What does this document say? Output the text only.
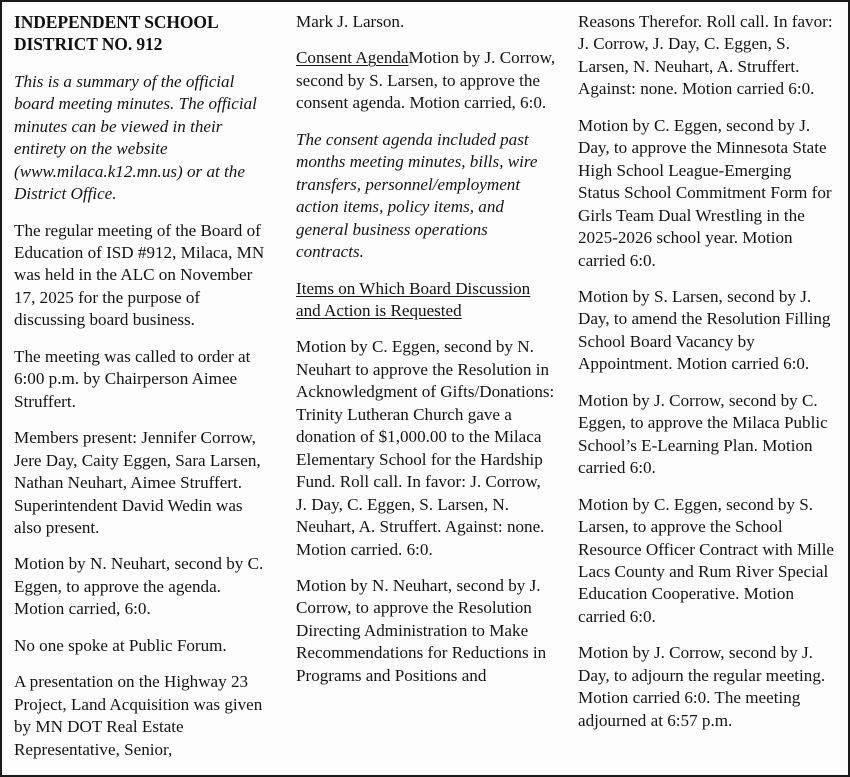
INDEPENDENT SCHOOL DISTRICT NO. 912

This is a summary of the official board meeting minutes. The official minutes can be viewed in their entirety on the website (www.milaca.k12.mn.us) or at the District Office.

The regular meeting of the Board of Education of ISD #912, Milaca, MN was held in the ALC on November 17, 2025 for the purpose of discussing board business.

The meeting was called to order at 6:00 p.m. by Chairperson Aimee Struffert.

Members present: Jennifer Corrow, Jere Day, Caity Eggen, Sara Larsen, Nathan Neuhart, Aimee Struffert. Superintendent David Wedin was also present.

Motion by N. Neuhart, second by C. Eggen, to approve the agenda. Motion carried, 6:0.

No one spoke at Public Forum.

A presentation on the Highway 23 Project, Land Acquisition was given by MN DOT Real Estate Representative, Senior,

Mark J. Larson.

Consent AgendaMotion by J. Corrow, second by S. Larsen, to approve the consent agenda. Motion carried, 6:0.

The consent agenda included past months meeting minutes, bills, wire transfers, personnel/employment action items, policy items, and general business operations contracts.

Items on Which Board Discussion and Action is Requested

Motion by C. Eggen, second by N. Neuhart to approve the Resolution in Acknowledgment of Gifts/Donations: Trinity Lutheran Church gave a donation of $1,000.00 to the Milaca Elementary School for the Hardship Fund. Roll call. In favor: J. Corrow, J. Day, C. Eggen, S. Larsen, N. Neuhart, A. Struffert. Against: none. Motion carried. 6:0.

Motion by N. Neuhart, second by J. Corrow, to approve the Resolution Directing Administration to Make Recommendations for Reductions in Programs and Positions and

Reasons Therefor. Roll call. In favor: J. Corrow, J. Day, C. Eggen, S. Larsen, N. Neuhart, A. Struffert. Against: none. Motion carried 6:0.

Motion by C. Eggen, second by J. Day, to approve the Minnesota State High School League-Emerging Status School Commitment Form for Girls Team Dual Wrestling in the 2025-2026 school year. Motion carried 6:0.

Motion by S. Larsen, second by J. Day, to amend the Resolution Filling School Board Vacancy by Appointment. Motion carried 6:0.

Motion by J. Corrow, second by C. Eggen, to approve the Milaca Public School’s E-Learning Plan. Motion carried 6:0.

Motion by C. Eggen, second by S. Larsen, to approve the School Resource Officer Contract with Mille Lacs County and Rum River Special Education Cooperative. Motion carried 6:0.

Motion by J. Corrow, second by J. Day, to adjourn the regular meeting. Motion carried 6:0. The meeting adjourned at 6:57 p.m.
